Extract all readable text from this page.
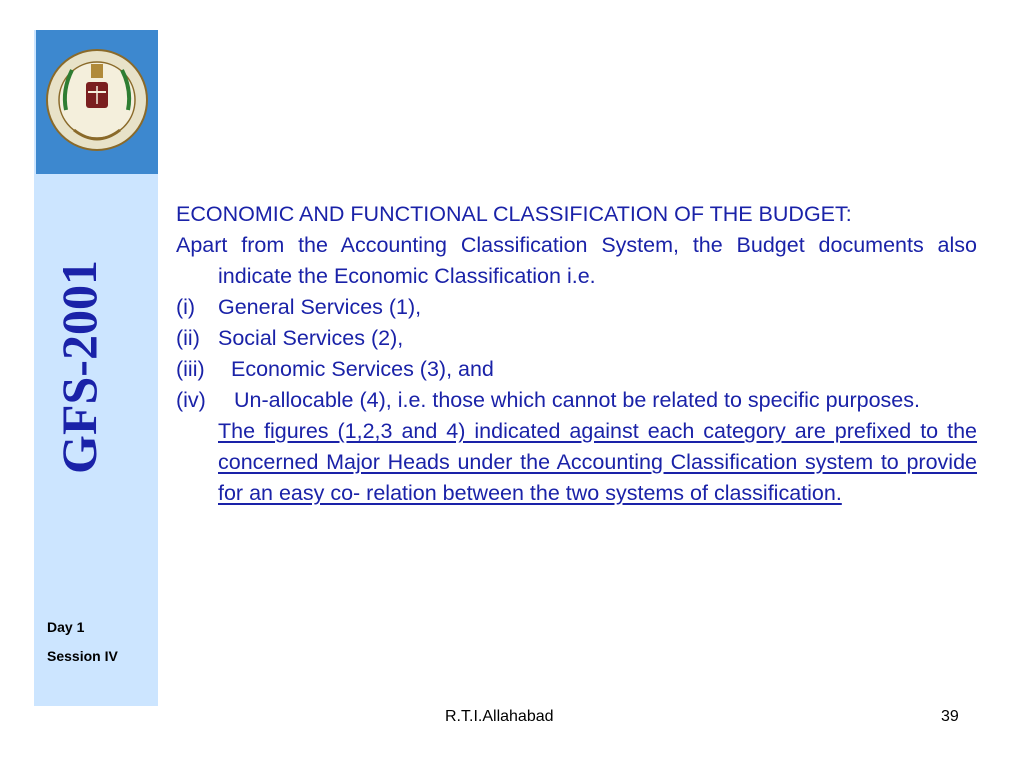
GFS-2001
Day 1
Session IV

ECONOMIC AND FUNCTIONAL CLASSIFICATION OF THE BUDGET:

Apart from the Accounting Classification System, the Budget documents also indicate the Economic Classification i.e.

(i) General Services (1),

(ii) Social Services (2),

(iii) Economic Services (3), and

(iv) Un-allocable (4), i.e. those which cannot be related to specific purposes.

The figures (1,2,3 and 4) indicated against each category are prefixed to the concerned Major Heads under the Accounting Classification system to provide for an easy co- relation between the two systems of classification.

R.T.I.Allahabad	39
